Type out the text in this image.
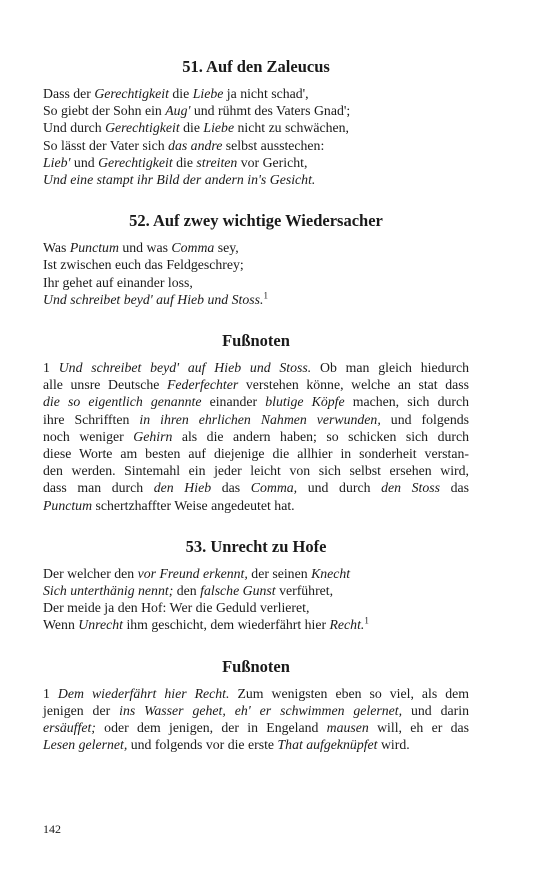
51. Auf den Zaleucus
Dass der Gerechtigkeit die Liebe ja nicht schad',
So giebt der Sohn ein Aug' und rühmt des Vaters Gnad';
Und durch Gerechtigkeit die Liebe nicht zu schwächen,
So lässt der Vater sich das andre selbst ausstechen:
Lieb' und Gerechtigkeit die streiten vor Gericht,
Und eine stampt ihr Bild der andern in's Gesicht.

52. Auf zwey wichtige Wiedersacher
Was Punctum und was Comma sey,
Ist zwischen euch das Feldgeschrey;
Ihr gehet auf einander loss,
Und schreibet beyd' auf Hieb und Stoss.$^1$

Fußnoten
1 Und schreibet beyd' auf Hieb und Stoss. Ob man gleich hiedurch
alle unsre Deutsche Federfechter verstehen könne, welche an stat dass
die so eigentlich genannte einander blutige Köpfe machen, sich durch
ihre Schrifften in ihren ehrlichen Nahmen verwunden, und folgends
noch weniger Gehirn als die andern haben; so schicken sich durch
diese Worte am besten auf diejenige die allhier in sonderheit verstan-
den werden. Sintemahl ein jeder leicht von sich selbst ersehen wird,
dass man durch den Hieb das Comma, und durch den Stoss das
Punctum schertzhaffter Weise angedeutet hat.
53. Unrecht zu Hofe
Der welcher den vor Freund erkennt, der seinen Knecht
Sich unterthänig nennt; den falsche Gunst verführet,
Der meide ja den Hof: Wer die Geduld verlieret,
Wenn Unrecht ihm geschicht, dem wiederfährt hier Recht.$^1$

Fußnoten
1 Dem wiederfährt hier Recht. Zum wenigsten eben so viel, als dem
jenigen der ins Wasser gehet, eh' er schwimmen gelernet, und darin
ersäuffet; oder dem jenigen, der in Engeland mausen will, eh er das
Lesen gelernet, und folgends vor die erste That aufgeknüpfet wird.
142
